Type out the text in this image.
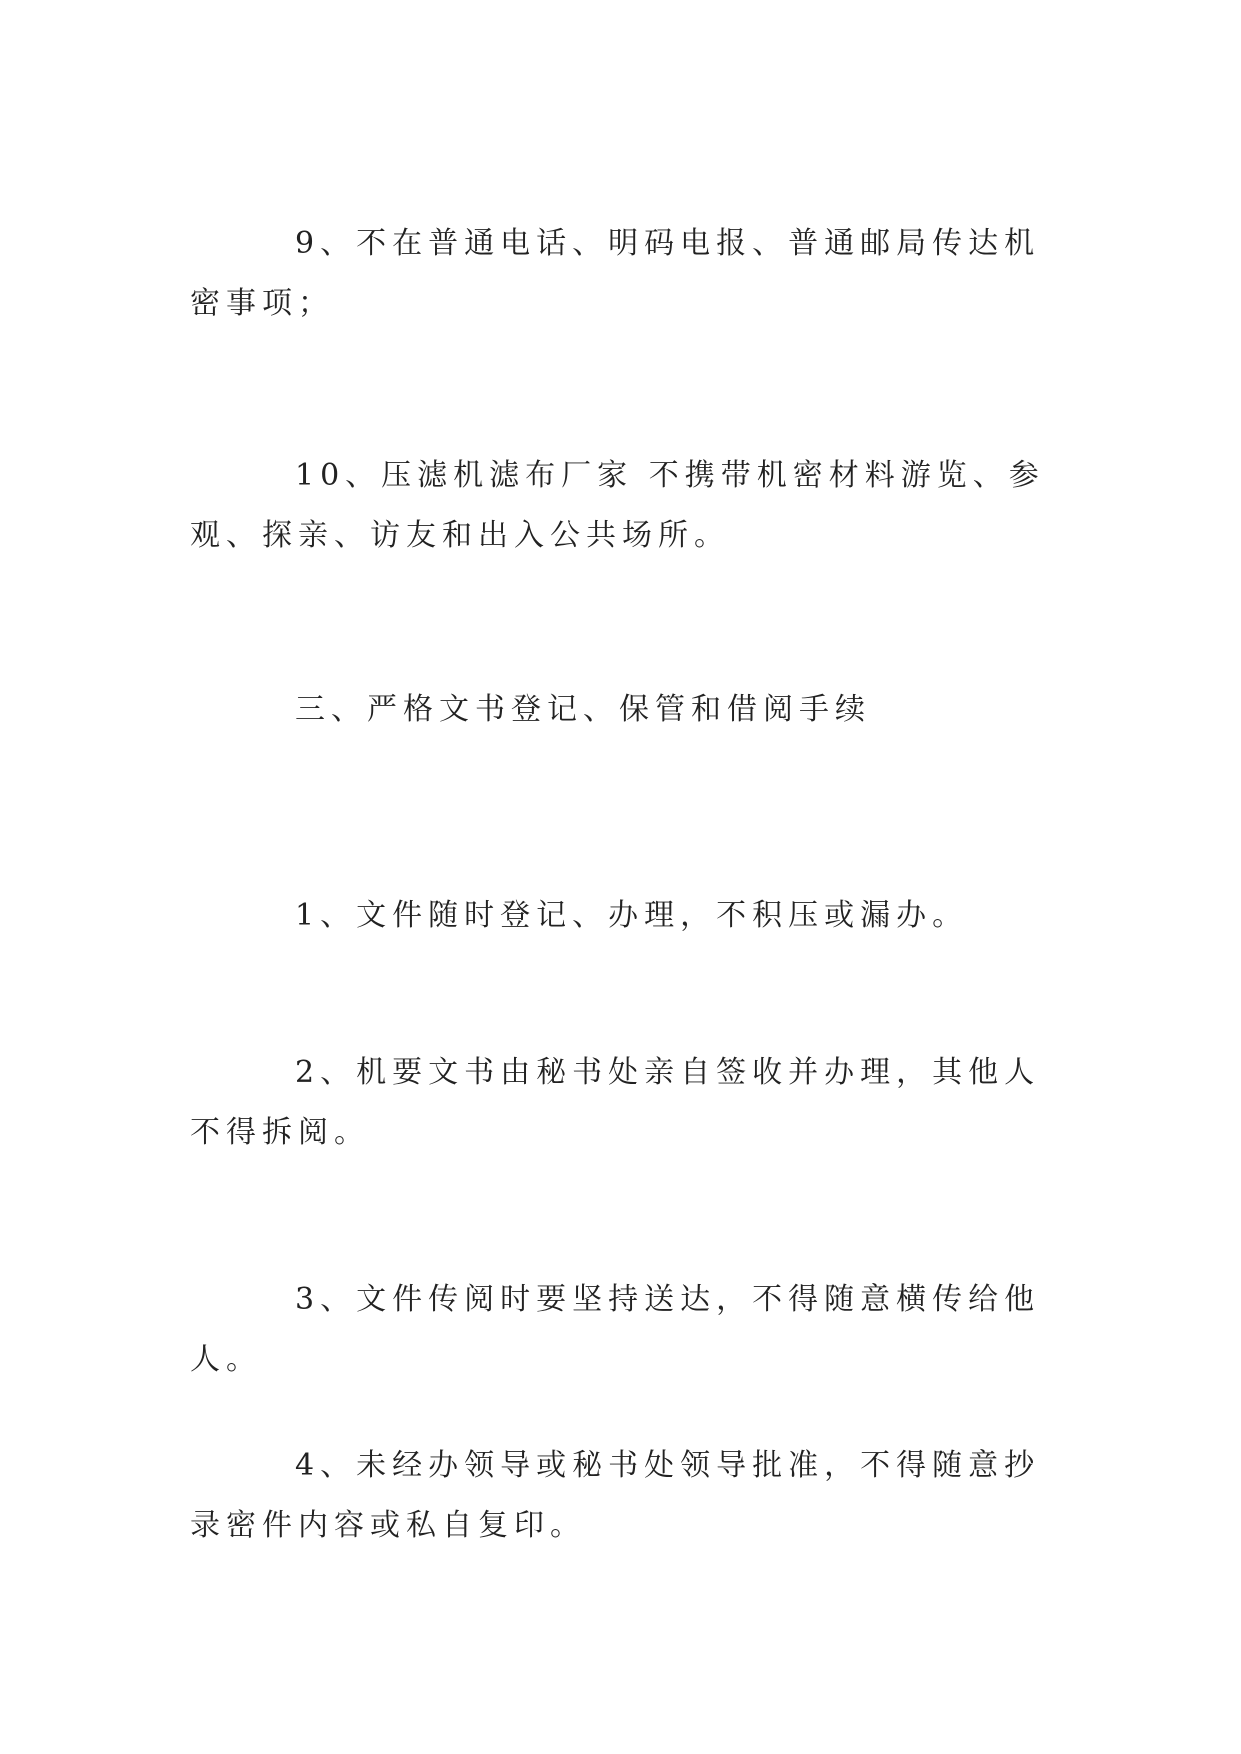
9、不在普通电话、明码电报、普通邮局传达机密事项；

10、压滤机滤布厂家 不携带机密材料游览、参观、探亲、访友和出入公共场所。

三、严格文书登记、保管和借阅手续

1、文件随时登记、办理，不积压或漏办。

2、机要文书由秘书处亲自签收并办理，其他人不得拆阅。

3、文件传阅时要坚持送达，不得随意横传给他人。

4、未经办领导或秘书处领导批准，不得随意抄录密件内容或私自复印。
